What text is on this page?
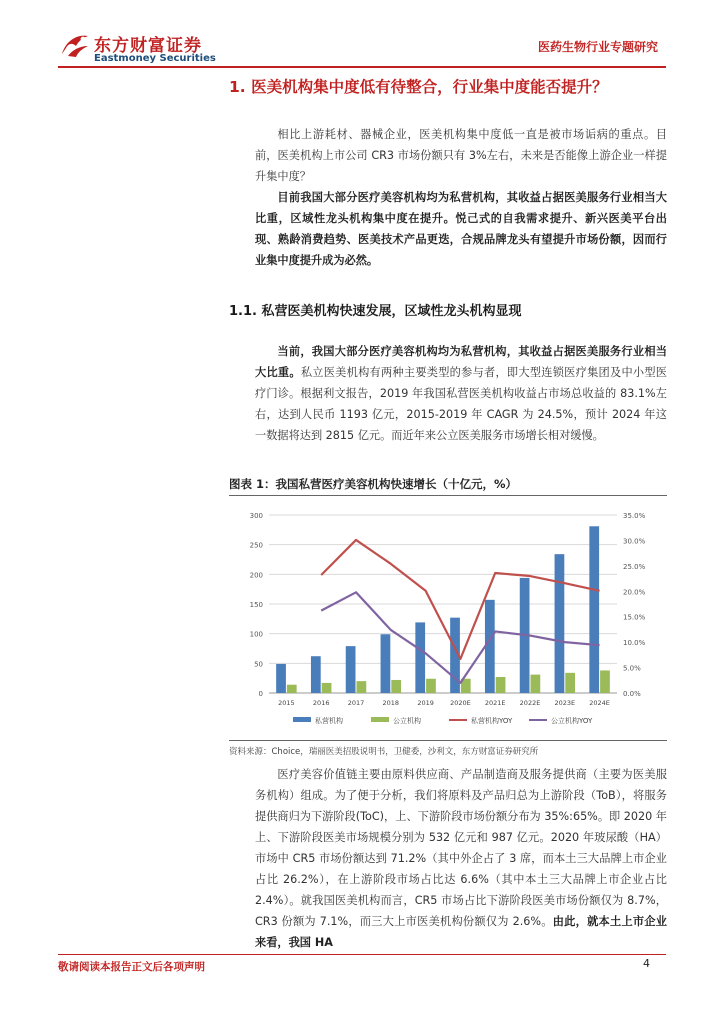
东方财富证券
Eastmoney Securities
医药生物行业专题研究
1. 医美机构集中度低有待整合，行业集中度能否提升？
相比上游耗材、器械企业，医美机构集中度低一直是被市场诟病的重点。目前，医美机构上市公司 CR3 市场份额只有 3%左右，未来是否能像上游企业一样提升集中度？
目前我国大部分医疗美容机构均为私营机构，其收益占据医美服务行业相当大比重，区域性龙头机构集中度在提升。悦己式的自我需求提升、新兴医美平台出现、熟龄消费趋势、医美技术产品更迭，合规品牌龙头有望提升市场份额，因而行业集中度提升成为必然。
1.1. 私营医美机构快速发展，区域性龙头机构显现
当前，我国大部分医疗美容机构均为私营机构，其收益占据医美服务行业相当大比重。私立医美机构有两种主要类型的参与者，即大型连锁医疗集团及中小型医疗门诊。根据利文报告，2019 年我国私营医美机构收益占市场总收益的 83.1%左右，达到人民币 1193 亿元，2015-2019 年 CAGR 为 24.5%，预计 2024 年这一数据将达到 2815 亿元。而近年来公立医美服务市场增长相对缓慢。
图表 1：我国私营医疗美容机构快速增长（十亿元，%）
0
50
100
150
200
250
300
0.0%
5.0%
10.0%
15.0%
20.0%
25.0%
30.0%
35.0%
2015	2016	2017	2018	2019 2020E 2021E 2022E 2023E 2024E
私营机构	公立机构	私营机构YOY	公立机构YOY
资料来源：Choice，瑞丽医美招股说明书，卫健委，沙利文，东方财富证券研究所
医疗美容价值链主要由原料供应商、产品制造商及服务提供商（主要为医美服务机构）组成。为了便于分析，我们将原料及产品归总为上游阶段（ToB），将服务提供商归为下游阶段(ToC)，上、下游阶段市场份额分布为 35%:65%。即 2020 年上、下游阶段医美市场规模分别为 532 亿元和 987 亿元。2020 年玻尿酸（HA）市场中 CR5 市场份额达到 71.2%（其中外企占了 3 席，而本土三大品牌上市企业占比 26.2%），在上游阶段市场占比达 6.6%（其中本土三大品牌上市企业占比 2.4%）。就我国医美机构而言，CR5 市场占比下游阶段医美市场份额仅为 8.7%，CR3 份额为 7.1%，而三大上市医美机构份额仅为 2.6%。由此，就本土上市企业来看，我国 HA
敬请阅读本报告正文后各项声明	4
